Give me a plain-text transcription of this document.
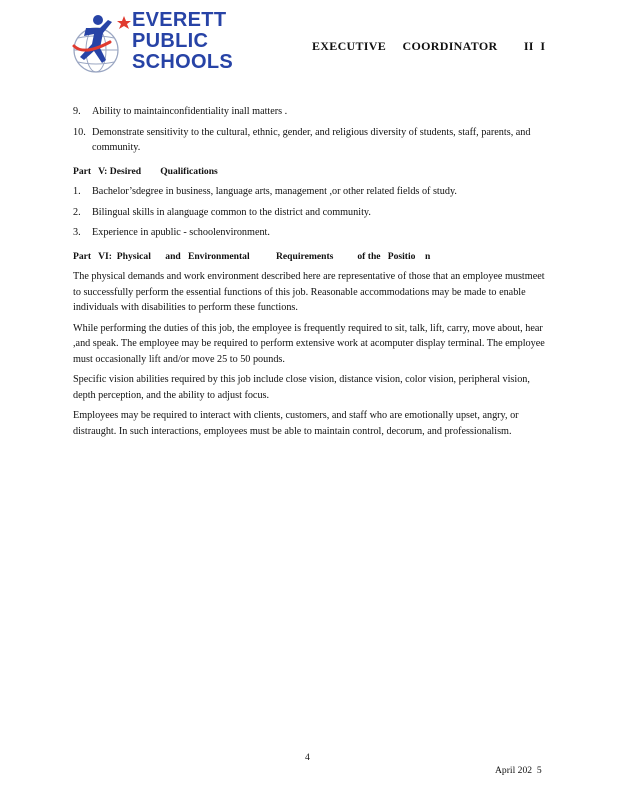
EVERETT
PUBLIC
SCHOOLS
EXECUTIVE     COORDINATOR        II  I
9. Ability to maintainconfidentiality inall matters .
10. Demonstrate sensitivity to the cultural, ethnic, gender, and religious diversity of students, staff, parents, and community.
Part   V: Desired        Qualifications
1. Bachelor’sdegree in business, language arts, management ,or other related fields of study.
2. Bilingual skills in alanguage common to the district and community.
3. Experience in apublic - schoolenvironment.
Part   VI:  Physical      and   Environmental           Requirements          of the   Positio    n

The physical demands and work environment described here are representative of those that an employee mustmeet to successfully perform the essential functions of this job. Reasonable accommodations may be made to enable individuals with disabilities to perform these functions.

While performing the duties of this job, the employee is frequently required to sit, talk, lift, carry, move about, hear ,and speak. The employee may be required to perform extensive work at acomputer display terminal. The employee must occasionally lift and/or move 25 to 50 pounds.

Specific vision abilities required by this job include close vision, distance vision, color vision, peripheral vision, depth perception, and the ability to adjust focus.

Employees may be required to interact with clients, customers, and staff who are emotionally upset, angry, or distraught. In such interactions, employees must be able to maintain control, decorum, and professionalism.

4
April 202  5
